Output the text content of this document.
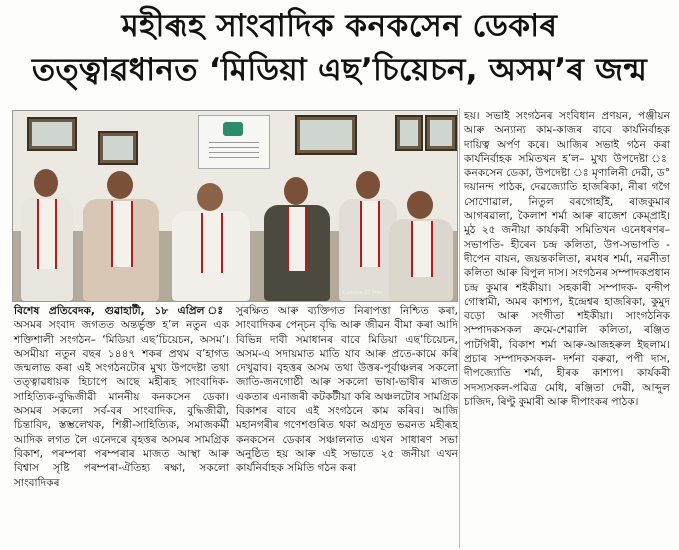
মহীৰূহ সাংবাদিক কনকসেন ডেকাৰ
তত্ত্বাৱধানত ‘মিডিয়া এছ’চিয়েচন, অসম’ৰ জন্ম
Camera K7 Max

বিশেষ প্ৰতিবেদক, গুৱাহাটী, ১৮ এপ্ৰিল ঃ অসমৰ সংবাদ জগতত অন্তৰ্ভুক্ত হ’ল নতুন এক শক্তিশালী সংগঠন– ‘মিডিয়া এছ’চিয়েচন, অসম’। অসমীয়া নতুন বছৰ ১৪৪৭ শকৰ প্ৰথম ব’হাগত জন্মলাভ কৰা এই সংগঠনটোৰ মুখ্য উপদেষ্টা তথা তত্ত্বাৱধায়ক হিচাপে আছে মহীৰূহ সাংবাদিক-সাহিত্যিক-বুদ্ধিজীৱী মাননীয় কনকসেন ডেকা। অসমৰ সকলো সৰ্ব-বৰ সাংবাদিক, বুদ্ধিজীৱী, চিন্তাবিদ, স্তম্ভলেখক, শিল্পী-সাহিত্যিক, সমাজকৰ্মী আদিক লগত লৈ এনেদৰে বৃহত্তৰ অসমৰ সামগ্ৰিক বিকাশ, পৰম্পৰা পৰম্পৰাৰ মাজত আস্থা আৰু বিশ্বাস সৃষ্টি পৰম্পৰা-ঐতিহ্য ৰক্ষা, সকলো সাংবাদিকৰ

সুৰক্ষিত আৰু ব্যক্তিগত নিৰাপত্তা নিশ্চিত কৰা, সাংবাদিকৰ পেন্‌চন বৃদ্ধি আৰু জীৱন বীমা কৰা আদি বিভিন্ন দাবী সমাধানৰ বাবে মিডিয়া এছ’চিয়েচন, অসম-এ সদায়মাত মাতি যাব আৰু প্ৰতে-কামে কৰি দেখুৱাব। বৃহত্তৰ অসম তথা উত্তৰ-পূৰ্বাঞ্চলৰ সকলো জাতি-জনগোষ্ঠী আৰু সকলো ভাষা-ভাষীৰ মাজত একতাৰ এনাজৰী কটকটীয়া কৰি অঞ্চলটোৰ সামগ্ৰিক বিকাশৰ বাবে এই সংগঠনে কাম কৰিব। আজি মহানগৰীৰ গণেশগুৰিত থকা অগ্ৰদূত ভৱনত মহীৰূহ কনকসেন ডেকাৰ সঞ্চালনাত এখন সাধাৰণ সভা অনুষ্ঠিত হয় আৰু এই সভাতে ২৫ জনীয়া এখন কাৰ্যনিৰ্বাহক সমিতি গঠন কৰা

হয়। সভাই সংগঠনৰ সংবিধান প্ৰণয়ন, পঞ্জীয়ন আৰু অন্যান্য কাম-কাজৰ বাবে কাৰ্যনিৰ্বাহক দায়িত্ব অৰ্পণ কৰে। আজিৰ সভাই গঠন কৰা কাৰ্যনিৰ্বাহক সমিতখন হ’ল– মুখ্য উপদেষ্টা ঃ কনকসেন ডেকা, উপদেষ্টা ঃ মৃণালিনী দেৱী, ড° দয়ানন্দ পাঠক, দেৱজ্যোতি হাজৰিকা, নীৰা গগৈ সোণোৱাল, নিতুল বৰগোহাঁই, ৰাজকুমাৰ আগৰৱালা, কৈলাশ শৰ্মা আৰু ৰাজেশ কেম্‌প্ৰাই। মুঠ ২৫ জনীয়া কাৰ্যকৰী সমিতিখন এনেধৰণৰ– সভাপতি- হীৰেন চন্দ্ৰ কলিতা, উপ-সভাপতি - দীপেন বায়ন, জয়ন্তকলিতা, ৰমধৰ শৰ্মা, নৱনীতা কলিতা আৰু বিপুল দাস। সংগঠনৰ সম্পাদকপ্ৰধান চন্দ্ৰ কুমাৰ শইকীয়া। সহকাৰী সম্পাদক- বন্দীপ গোস্বামী, অমৰ কাশ্যপ, ইন্দ্ৰেশ্বৰ হাজৰিকা, কুমুদ বড়ো আৰু সংগীতা শইকীয়া। সাংগঠনিক সম্পাদকসকল ক্ৰমে-শেৱালি কলিতা, ৰঞ্জিত পাটগিৰী, বিকাশ শৰ্মা আৰু-আজহৰুল ইছলাম। প্ৰচাৰ সম্পাদকসকল- দৰ্শনা বৰুৱা, পপী দাস, দীপজ্যোতি শৰ্মা, হীৰক কাশ্যপ। কাৰ্যকৰী সদস্যসকল-পৱিত্ৰ মেধি, ৰঞ্জিতা দেৱী, আব্দুল চাজিদ, ৰিণ্টু কুমাৰী আৰু দীপাংকৰ পাঠক।
